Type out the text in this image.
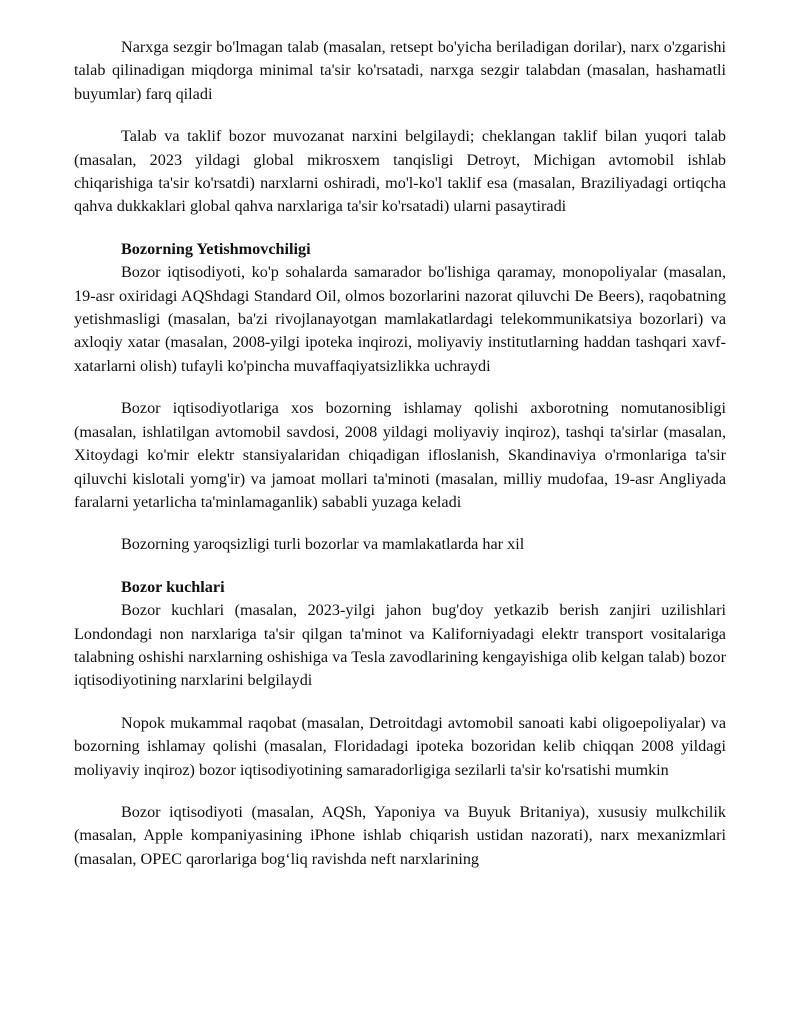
Narxga sezgir bo'lmagan talab (masalan, retsept bo'yicha beriladigan dorilar), narx o'zgarishi talab qilinadigan miqdorga minimal ta'sir ko'rsatadi, narxga sezgir talabdan (masalan, hashamatli buyumlar) farq qiladi

Talab va taklif bozor muvozanat narxini belgilaydi; cheklangan taklif bilan yuqori talab (masalan, 2023 yildagi global mikrosxem tanqisligi Detroyt, Michigan avtomobil ishlab chiqarishiga ta'sir ko'rsatdi) narxlarni oshiradi, mo'l-ko'l taklif esa (masalan, Braziliyadagi ortiqcha qahva dukkaklari global qahva narxlariga ta'sir ko'rsatadi) ularni pasaytiradi

Bozorning Yetishmovchiligi

Bozor iqtisodiyoti, ko'p sohalarda samarador bo'lishiga qaramay, monopoliyalar (masalan, 19-asr oxiridagi AQShdagi Standard Oil, olmos bozorlarini nazorat qiluvchi De Beers), raqobatning yetishmasligi (masalan, ba'zi rivojlanayotgan mamlakatlardagi telekommunikatsiya bozorlari) va axloqiy xatar (masalan, 2008-yilgi ipoteka inqirozi, moliyaviy institutlarning haddan tashqari xavf-xatarlarni olish) tufayli ko'pincha muvaffaqiyatsizlikka uchraydi

Bozor iqtisodiyotlariga xos bozorning ishlamay qolishi axborotning nomutanosibligi (masalan, ishlatilgan avtomobil savdosi, 2008 yildagi moliyaviy inqiroz), tashqi ta'sirlar (masalan, Xitoydagi ko'mir elektr stansiyalaridan chiqadigan ifloslanish, Skandinaviya o'rmonlariga ta'sir qiluvchi kislotali yomg'ir) va jamoat mollari ta'minoti (masalan, milliy mudofaa, 19-asr Angliyada faralarni yetarlicha ta'minlamaganlik) sababli yuzaga keladi

Bozorning yaroqsizligi turli bozorlar va mamlakatlarda har xil

Bozor kuchlari

Bozor kuchlari (masalan, 2023-yilgi jahon bug'doy yetkazib berish zanjiri uzilishlari Londondagi non narxlariga ta'sir qilgan ta'minot va Kaliforniyadagi elektr transport vositalariga talabning oshishi narxlarning oshishiga va Tesla zavodlarining kengayishiga olib kelgan talab) bozor iqtisodiyotining narxlarini belgilaydi

Nopok mukammal raqobat (masalan, Detroitdagi avtomobil sanoati kabi oligoepoliyalar) va bozorning ishlamay qolishi (masalan, Floridadagi ipoteka bozoridan kelib chiqqan 2008 yildagi moliyaviy inqiroz) bozor iqtisodiyotining samaradorligiga sezilarli ta'sir ko'rsatishi mumkin

Bozor iqtisodiyoti (masalan, AQSh, Yaponiya va Buyuk Britaniya), xususiy mulkchilik (masalan, Apple kompaniyasining iPhone ishlab chiqarish ustidan nazorati), narx mexanizmlari (masalan, OPEC qarorlariga bog‘liq ravishda neft narxlarining
